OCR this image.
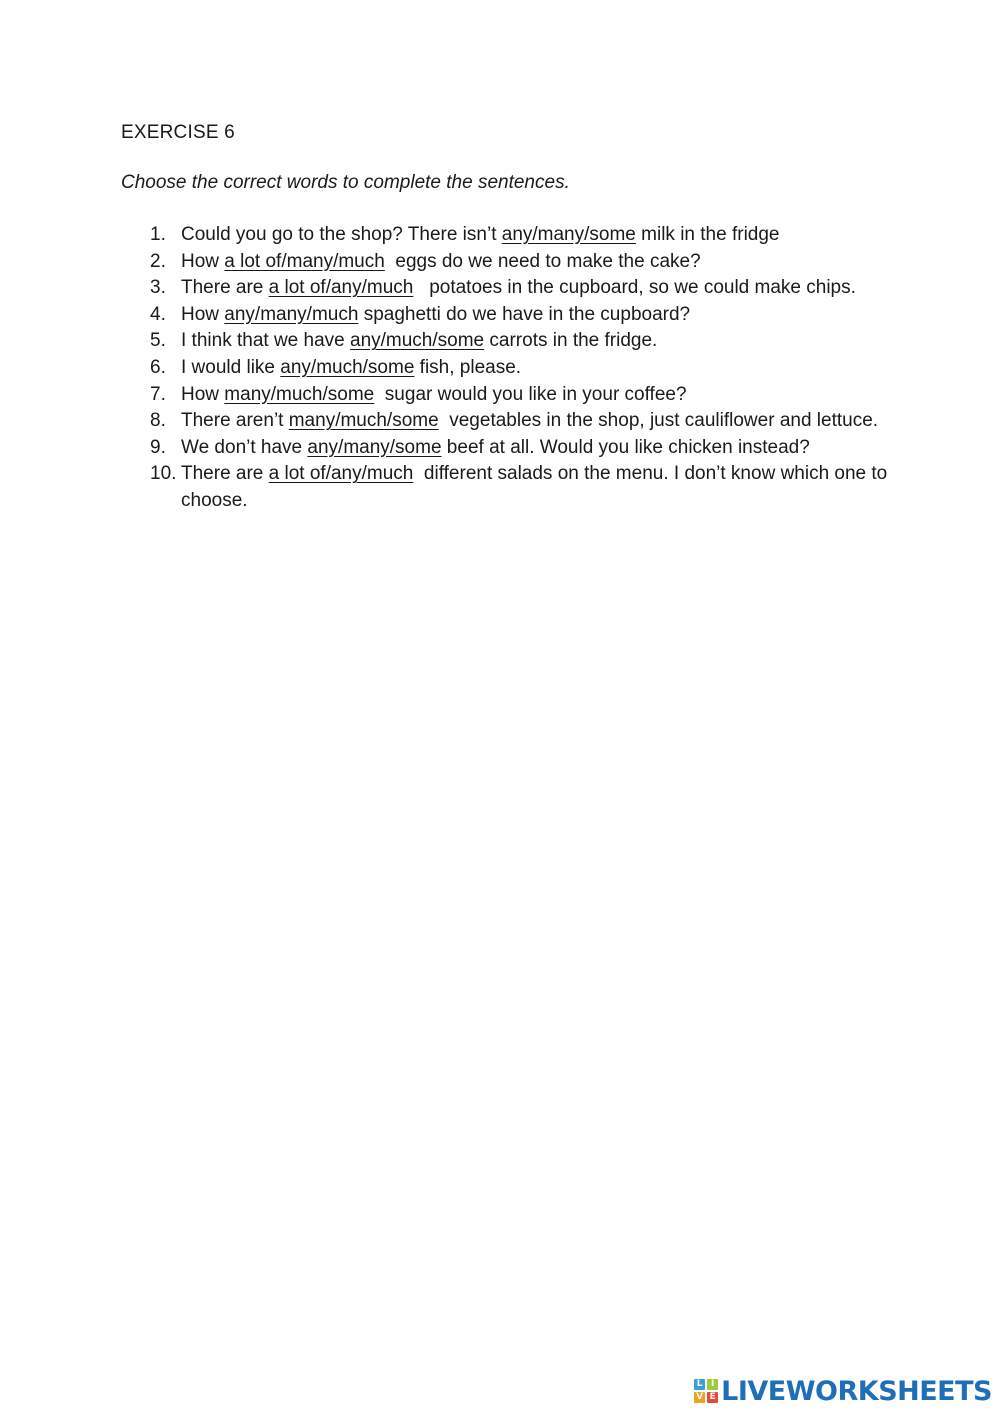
EXERCISE 6
Choose the correct words to complete the sentences.
1. Could you go to the shop? There isn’t any/many/some milk in the fridge
2. How a lot of/many/much  eggs do we need to make the cake?
3. There are a lot of/any/much   potatoes in the cupboard, so we could make chips.
4. How any/many/much spaghetti do we have in the cupboard?
5. I think that we have any/much/some carrots in the fridge.
6. I would like any/much/some fish, please.
7. How many/much/some  sugar would you like in your coffee?
8. There aren’t many/much/some  vegetables in the shop, just cauliflower and lettuce.
9. We don’t have any/many/some beef at all. Would you like chicken instead?
10. There are a lot of/any/much  different salads on the menu. I don’t know which one to choose.
L I
V E LIVEWORKSHEETS
